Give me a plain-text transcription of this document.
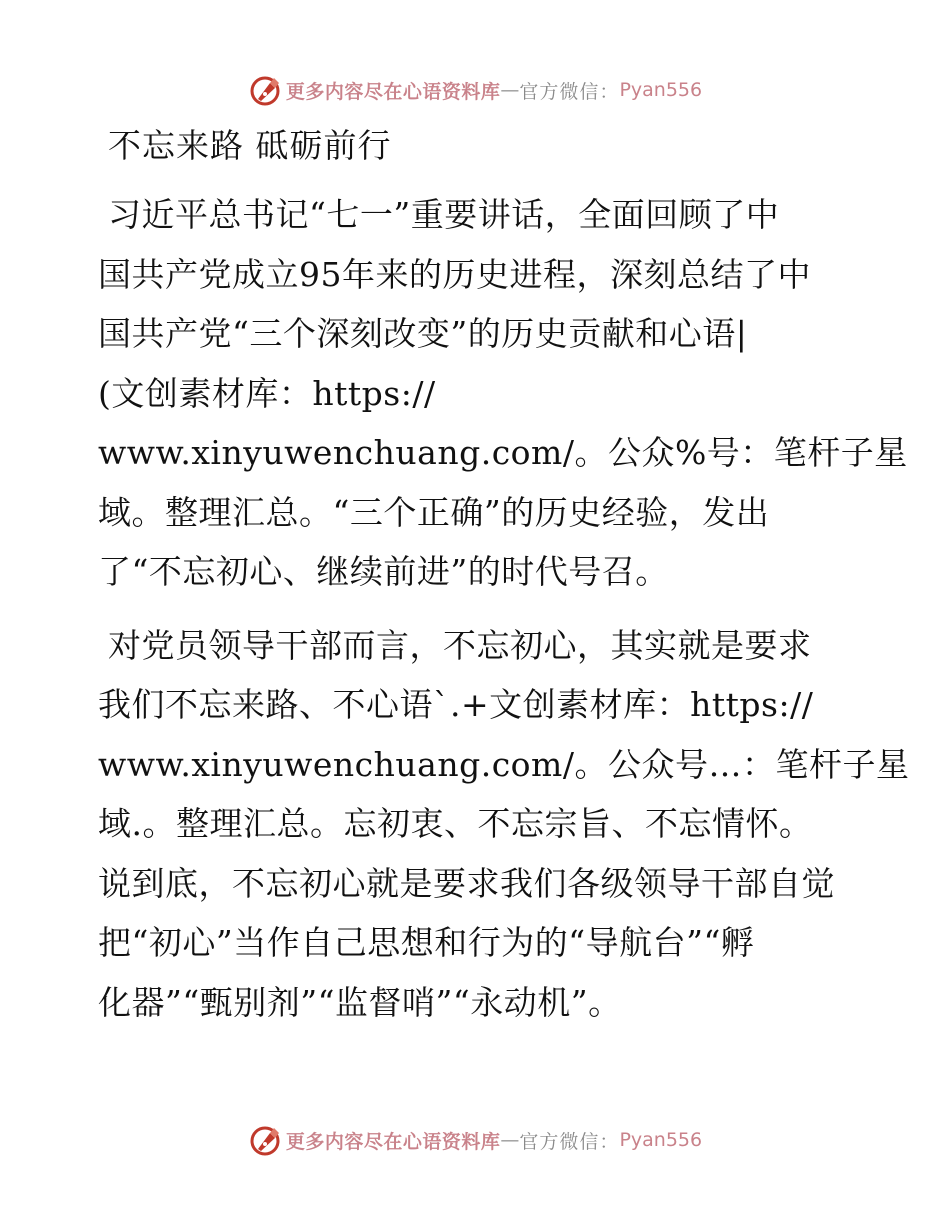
更多内容尽在心语资料库 — 官方微信： Pyan556
不忘来路 砥砺前行
习近平总书记“七一”重要讲话，全面回顾了中
国共产党成立95年来的历史进程，深刻总结了中
国共产党“三个深刻改变”的历史贡献和心语|
(文创素材库：https://
www.xinyuwenchuang.com/。公众%号：笔杆子星
域。整理汇总。“三个正确”的历史经验，发出
了“不忘初心、继续前进”的时代号召。
对党员领导干部而言，不忘初心，其实就是要求
我们不忘来路、不心语`.+文创素材库：https://
www.xinyuwenchuang.com/。公众号…：笔杆子星
域.。整理汇总。忘初衷、不忘宗旨、不忘情怀。
说到底，不忘初心就是要求我们各级领导干部自觉
把“初心”当作自己思想和行为的“导航台”“孵
化器”“甄别剂”“监督哨”“永动机”。
更多内容尽在心语资料库 — 官方微信： Pyan556
